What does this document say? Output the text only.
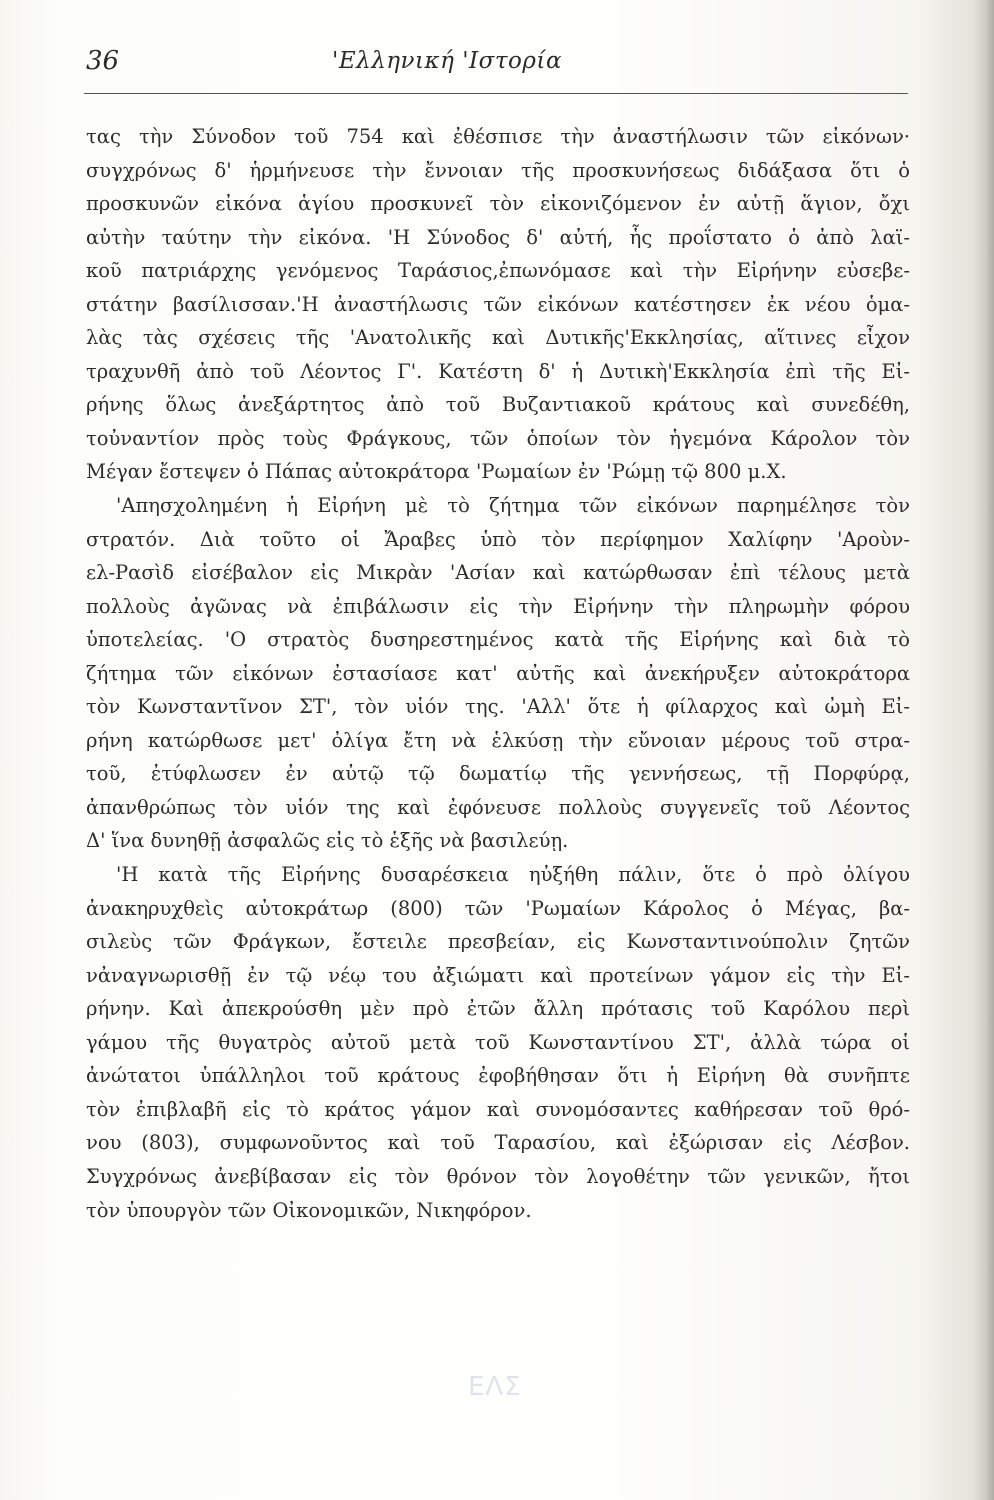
36	'Ελληνική 'Ιστορία
τας τὴν Σύνοδον τοῦ 754 καὶ ἐθέσπισε τὴν ἀναστήλωσιν τῶν εἰκόνων·
συγχρόνως δ' ἡρμήνευσε τὴν ἔννοιαν τῆς προσκυνήσεως διδάξασα ὅτι ὁ
προσκυνῶν εἰκόνα ἁγίου προσκυνεῖ τὸν εἰκονιζόμενον ἐν αὐτῇ ἅγιον, ὄχι
αὐτὴν ταύτην τὴν εἰκόνα. 'Η Σύνοδος δ' αὐτή, ἧς προΐστατο ὁ ἀπὸ λαϊ-
κοῦ πατριάρχης γενόμενος Ταράσιος,ἐπωνόμασε καὶ τὴν Εἰρήνην εὐσεβε-
στάτην βασίλισσαν.'Η ἀναστήλωσις τῶν εἰκόνων κατέστησεν ἐκ νέου ὁμα-
λὰς τὰς σχέσεις τῆς 'Ανατολικῆς καὶ Δυτικῆς'Εκκλησίας, αἵτινες εἶχον
τραχυνθῆ ἀπὸ τοῦ Λέοντος Γ'. Κατέστη δ' ἡ Δυτικὴ'Εκκλησία ἐπὶ τῆς Εἰ-
ρήνης ὅλως ἀνεξάρτητος ἀπὸ τοῦ Βυζαντιακοῦ κράτους καὶ συνεδέθη,
τοὐναντίον πρὸς τοὺς Φράγκους, τῶν ὁποίων τὸν ἡγεμόνα Κάρολον τὸν
Μέγαν ἔστεψεν ὁ Πάπας αὐτοκράτορα 'Ρωμαίων ἐν 'Ρώμῃ τῷ 800 μ.Χ.
'Απησχολημένη ἡ Εἰρήνη μὲ τὸ ζήτημα τῶν εἰκόνων παρημέλησε τὸν
στρατόν. Διὰ τοῦτο οἱ Ἄραβες ὑπὸ τὸν περίφημον Χαλίφην 'Αροὺν-
ελ-Ρασὶδ εἰσέβαλον εἰς Μικρὰν 'Ασίαν καὶ κατώρθωσαν ἐπὶ τέλους μετὰ
πολλοὺς ἀγῶνας νὰ ἐπιβάλωσιν εἰς τὴν Εἰρήνην τὴν πληρωμὴν φόρου
ὑποτελείας. 'Ο στρατὸς δυσηρεστημένος κατὰ τῆς Εἰρήνης καὶ διὰ τὸ
ζήτημα τῶν εἰκόνων ἐστασίασε κατ' αὐτῆς καὶ ἀνεκήρυξεν αὐτοκράτορα
τὸν Κωνσταντῖνον ΣΤ', τὸν υἱόν της. 'Αλλ' ὅτε ἡ φίλαρχος καὶ ὠμὴ Εἰ-
ρήνη κατώρθωσε μετ' ὀλίγα ἔτη νὰ ἑλκύσῃ τὴν εὔνοιαν μέρους τοῦ στρα-
τοῦ, ἐτύφλωσεν ἐν αὐτῷ τῷ δωματίῳ τῆς γεννήσεως, τῇ Πορφύρᾳ,
ἀπανθρώπως τὸν υἱόν της καὶ ἐφόνευσε πολλοὺς συγγενεῖς τοῦ Λέοντος
Δ' ἵνα δυνηθῇ ἀσφαλῶς εἰς τὸ ἑξῆς νὰ βασιλεύῃ.
'Η κατὰ τῆς Εἰρήνης δυσαρέσκεια ηὐξήθη πάλιν, ὅτε ὁ πρὸ ὀλίγου
ἀνακηρυχθεὶς αὐτοκράτωρ (800) τῶν 'Ρωμαίων Κάρολος ὁ Μέγας, βα-
σιλεὺς τῶν Φράγκων, ἔστειλε πρεσβείαν, εἰς Κωνσταντινούπολιν ζητῶν
νἀναγνωρισθῇ ἐν τῷ νέῳ του ἀξιώματι καὶ προτείνων γάμον εἰς τὴν Εἰ-
ρήνην. Καὶ ἀπεκρούσθη μὲν πρὸ ἐτῶν ἄλλη πρότασις τοῦ Καρόλου περὶ
γάμου τῆς θυγατρὸς αὐτοῦ μετὰ τοῦ Κωνσταντίνου ΣΤ', ἀλλὰ τώρα οἱ
ἀνώτατοι ὑπάλληλοι τοῦ κράτους ἐφοβήθησαν ὅτι ἡ Εἰρήνη θὰ συνῆπτε
τὸν ἐπιβλαβῆ εἰς τὸ κράτος γάμον καὶ συνομόσαντες καθήρεσαν τοῦ θρό-
νου (803), συμφωνοῦντος καὶ τοῦ Ταρασίου, καὶ ἐξώρισαν εἰς Λέσβον.
Συγχρόνως ἀνεβίβασαν εἰς τὸν θρόνον τὸν λογοθέτην τῶν γενικῶν, ἤτοι
τὸν ὑπουργὸν τῶν Οἰκονομικῶν, Νικηφόρον.
ΕΛΣ
